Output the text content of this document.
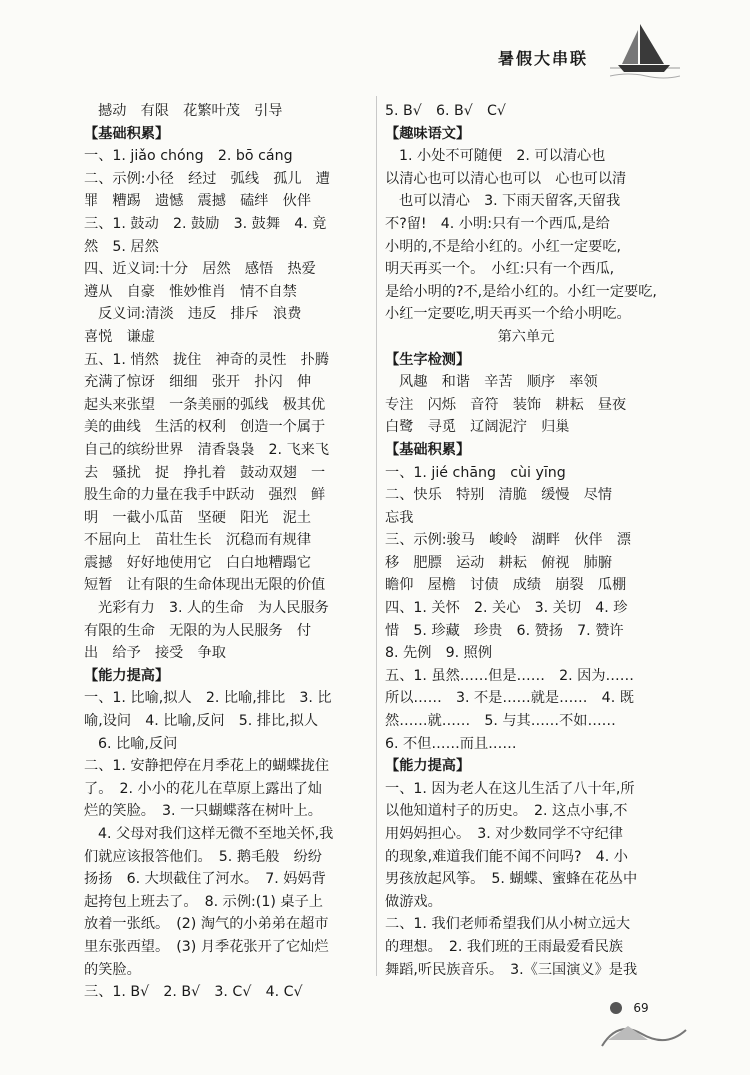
暑假大串联
撼动　有限　花繁叶茂　引导
【基础积累】
一、1. jiǎo chóng　2. bō cáng
二、示例:小径　经过　弧线　孤儿　遭
罪　糟踢　遗憾　震撼　磕绊　伙伴
三、1. 鼓动　2. 鼓励　3. 鼓舞　4. 竟
然　5. 居然
四、近义词:十分　居然　感悟　热爱
遵从　自豪　惟妙惟肖　情不自禁
反义词:清淡　违反　排斥　浪费
喜悦　谦虚
五、1. 悄然　拢住　神奇的灵性　扑腾
充满了惊讶　细细　张开　扑闪　伸
起头来张望　一条美丽的弧线　极其优
美的曲线　生活的权利　创造一个属于
自己的缤纷世界　清香袅袅　2. 飞来飞
去　骚扰　捉　挣扎着　鼓动双翅　一
股生命的力量在我手中跃动　强烈　鲜
明　一截小瓜苗　坚硬　阳光　泥土
不屈向上　苗壮生长　沉稳而有规律
震撼　好好地使用它　白白地糟蹋它
短暂　让有限的生命体现出无限的价值
光彩有力　3. 人的生命　为人民服务
有限的生命　无限的为人民服务　付
出　给予　接受　争取
【能力提高】
一、1. 比喻,拟人　2. 比喻,排比　3. 比
喻,设问　4. 比喻,反问　5. 排比,拟人
6. 比喻,反问
二、1. 安静把停在月季花上的蝴蝶拢住
了。　2. 小小的花儿在草原上露出了灿
烂的笑脸。　3. 一只蝴蝶落在树叶上。
4. 父母对我们这样无微不至地关怀,我
们就应该报答他们。　5. 鹅毛般　纷纷
扬扬　6. 大坝截住了河水。　7. 妈妈背
起挎包上班去了。　8. 示例:(1) 桌子上
放着一张纸。　(2) 淘气的小弟弟在超市
里东张西望。　(3) 月季花张开了它灿烂
的笑脸。
三、1. B√　2. B√　3. C√　4. C√
5. B√　6. B√　C√
【趣味语文】
1. 小处不可随便　2. 可以清心也
以清心也可以清心也可以　心也可以清
也可以清心　3. 下雨天留客,天留我
不?留!　4. 小明:只有一个西瓜,是给
小明的,不是给小红的。小红一定要吃,
明天再买一个。　小红:只有一个西瓜,
是给小明的?不,是给小红的。小红一定要吃,
小红一定要吃,明天再买一个给小明吃。
第六单元
【生字检测】
风趣　和谐　辛苦　顺序　率领
专注　闪烁　音符　装饰　耕耘　昼夜
白鹭　寻觅　辽阔泥泞　归巢
【基础积累】
一、1. jié chāng　cùi yīng
二、快乐　特别　清脆　缓慢　尽情
忘我
三、示例:骏马　峻岭　湖畔　伙伴　漂
移　肥膘　运动　耕耘　俯视　肺腑
瞻仰　屋檐　讨债　成绩　崩裂　瓜棚
四、1. 关怀　2. 关心　3. 关切　4. 珍
惜　5. 珍藏　珍贵　6. 赞扬　7. 赞许
8. 先例　9. 照例
五、1. 虽然……但是……　2. 因为……
所以……　3. 不是……就是……　4. 既
然……就……　5. 与其……不如……
6. 不但……而且……
【能力提高】
一、1. 因为老人在这儿生活了八十年,所
以他知道村子的历史。　2. 这点小事,不
用妈妈担心。　3. 对少数同学不守纪律
的现象,难道我们能不闻不问吗?　4. 小
男孩放起风筝。　5. 蝴蝶、蜜蜂在花丛中
做游戏。
二、1. 我们老师希望我们从小树立远大
的理想。　2. 我们班的王雨最爱看民族
舞蹈,听民族音乐。　3.《三国演义》是我
69
